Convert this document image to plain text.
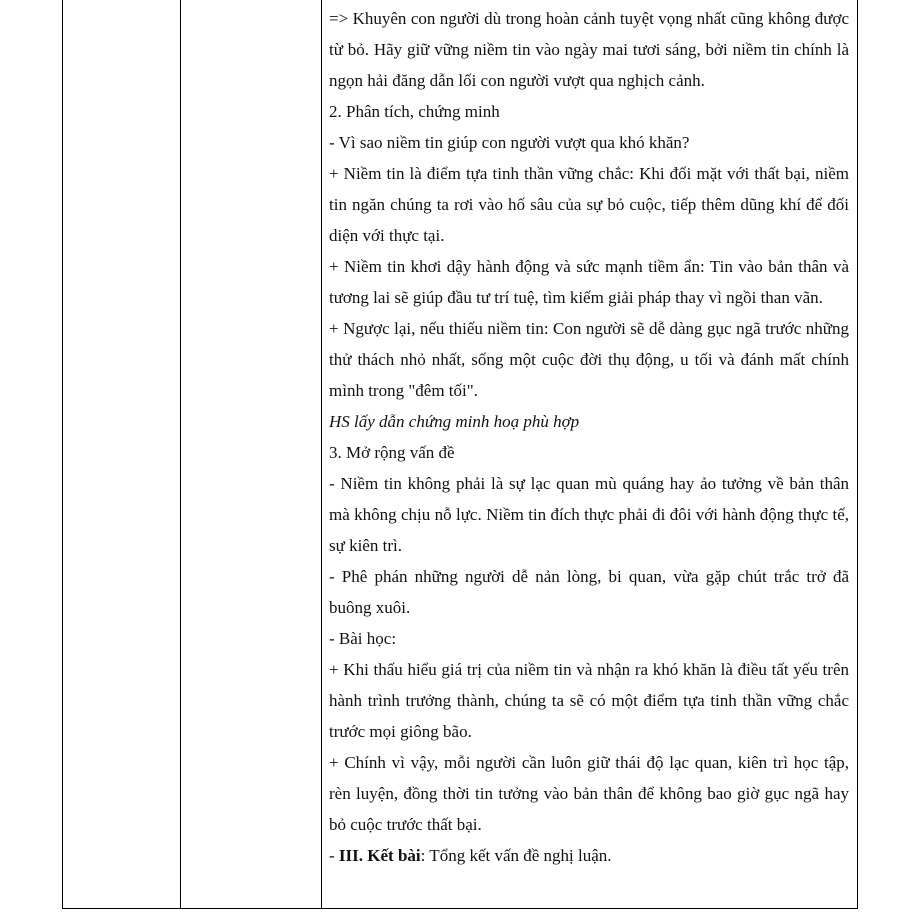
=> Khuyên con người dù trong hoàn cảnh tuyệt vọng nhất cũng không được từ bỏ. Hãy giữ vững niềm tin vào ngày mai tươi sáng, bởi niềm tin chính là ngọn hải đăng dẫn lối con người vượt qua nghịch cảnh.

2. Phân tích, chứng minh

- Vì sao niềm tin giúp con người vượt qua khó khăn?

+ Niềm tin là điểm tựa tinh thần vững chắc: Khi đối mặt với thất bại, niềm tin ngăn chúng ta rơi vào hố sâu của sự bỏ cuộc, tiếp thêm dũng khí để đối diện với thực tại.

+ Niềm tin khơi dậy hành động và sức mạnh tiềm ẩn: Tin vào bản thân và tương lai sẽ giúp đầu tư trí tuệ, tìm kiếm giải pháp thay vì ngồi than vãn.

+ Ngược lại, nếu thiếu niềm tin: Con người sẽ dễ dàng gục ngã trước những thử thách nhỏ nhất, sống một cuộc đời thụ động, u tối và đánh mất chính mình trong "đêm tối".

HS lấy dẫn chứng minh hoạ phù hợp

3. Mở rộng vấn đề

- Niềm tin không phải là sự lạc quan mù quáng hay ảo tưởng về bản thân mà không chịu nỗ lực. Niềm tin đích thực phải đi đôi với hành động thực tế, sự kiên trì.

- Phê phán những người dễ nản lòng, bi quan, vừa gặp chút trắc trở đã buông xuôi.

- Bài học:

+ Khi thấu hiểu giá trị của niềm tin và nhận ra khó khăn là điều tất yếu trên hành trình trưởng thành, chúng ta sẽ có một điểm tựa tinh thần vững chắc trước mọi giông bão.

+ Chính vì vậy, mỗi người cần luôn giữ thái độ lạc quan, kiên trì học tập, rèn luyện, đồng thời tin tưởng vào bản thân để không bao giờ gục ngã hay bỏ cuộc trước thất bại.

- III. Kết bài: Tổng kết vấn đề nghị luận.
